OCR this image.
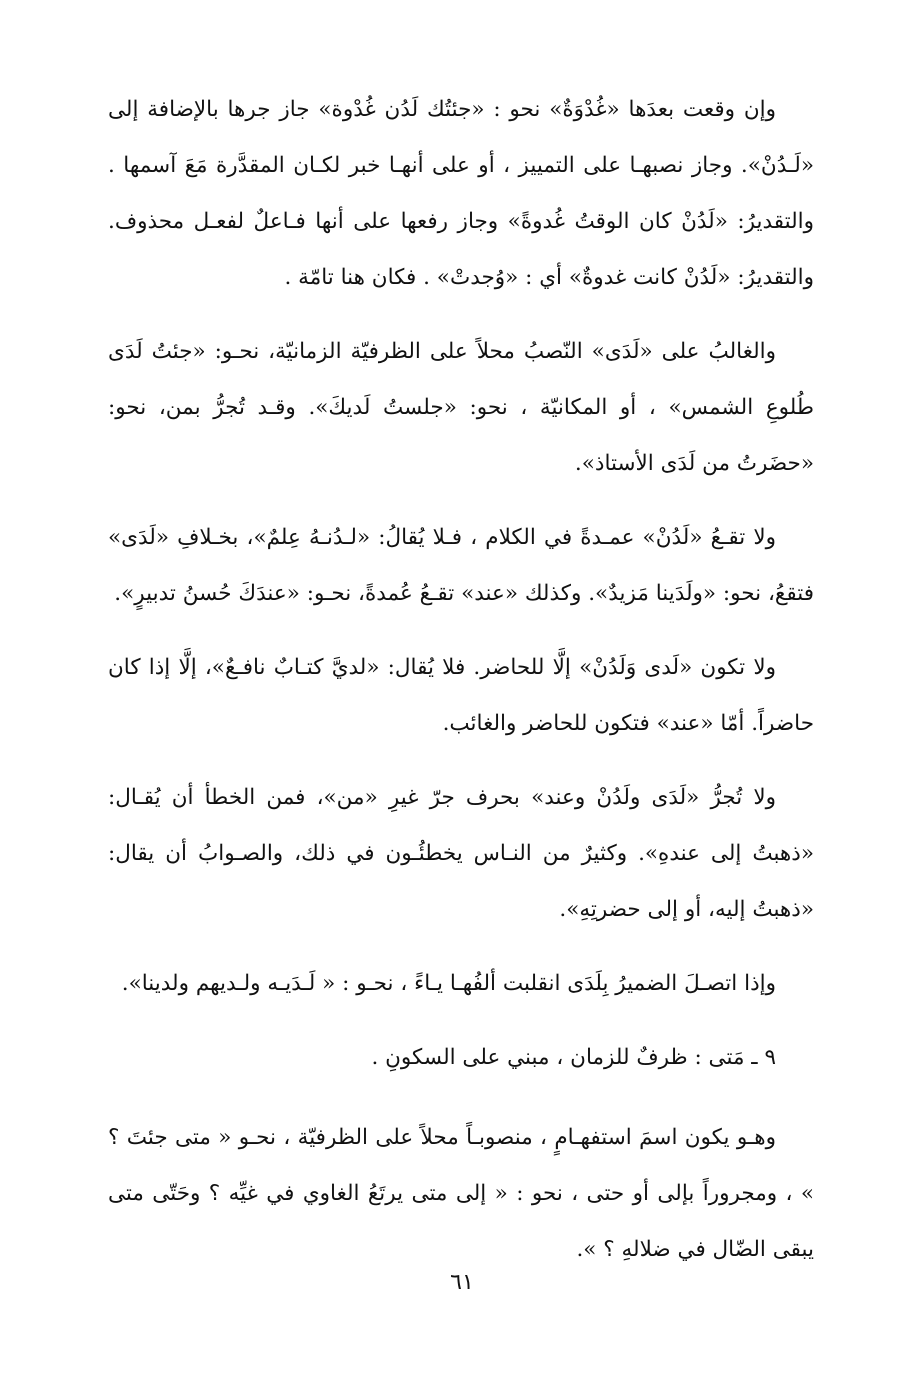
وإن وقعت بعدَها «غُدْوَةٌ» نحو : «جئتُك لَدُن غُدْوة» جاز جرها بالإضافة إلى «لَـدُنْ». وجاز نصبهـا على التمييز ، أو على أنهـا خبر لكـان المقدَّرة مَعَ آسمها . والتقديرُ: «لَدُنْ كان الوقتُ غُدوةً» وجاز رفعها على أنها فـاعلٌ لفعـل محذوف. والتقديرُ: «لَدُنْ كانت غدوةٌ» أي : «وُجدتْ» . فكان هنا تامّة .

والغالبُ على «لَدَى» النّصبُ محلاً على الظرفيّة الزمانيّة، نحـو: «جئتُ لَدَى طُلوعِ الشمس» ، أو المكانيّة ، نحو: «جلستُ لَديكَ». وقـد تُجرُّ بمن، نحو: «حضَرتُ من لَدَى الأستاذ».

ولا تقـعُ «لَدُنْ» عمـدةً في الكلام ، فـلا يُقالُ: «لـدُنـهُ عِلمٌ»، بخـلافِ «لَدَى» فتقعُ، نحو: «ولَدَينا مَزيدٌ». وكذلك «عند» تقـعُ عُمدةً، نحـو: «عندَكَ حُسنُ تدبيرٍ».

ولا تكون «لَدى وَلَدُنْ» إلَّا للحاضر. فلا يُقال: «لديَّ كتـابٌ نافـعٌ»، إلَّا إذا كان حاضراً. أمّا «عند» فتكون للحاضر والغائب.

ولا تُجرُّ «لَدَى ولَدُنْ وعند» بحرف جرّ غيرِ «من»، فمن الخطأ أن يُقـال: «ذهبتُ إلى عندهِ». وكثيرٌ من النـاس يخطئُـون في ذلك، والصـوابُ أن يقال: «ذهبتُ إليه، أو إلى حضرتِهِ».

وإذا اتصـلَ الضميرُ بِلَدَى انقلبت ألفُهـا يـاءً ، نحـو : « لَـدَيـه ولـديهم ولدينا».

٩ ـ مَتى : ظرفٌ للزمان ، مبني على السكونِ .

وهـو يكون اسمَ استفهـامٍ ، منصوبـاً محلاً على الظرفيّة ، نحـو « متى جئتَ ؟ » ، ومجروراً بإلى أو حتى ، نحو : « إلى متى يرتَعُ الغاوي في غيِّه ؟ وحَتّى متى يبقى الضّال في ضلالهِ ؟ ».

٦١
